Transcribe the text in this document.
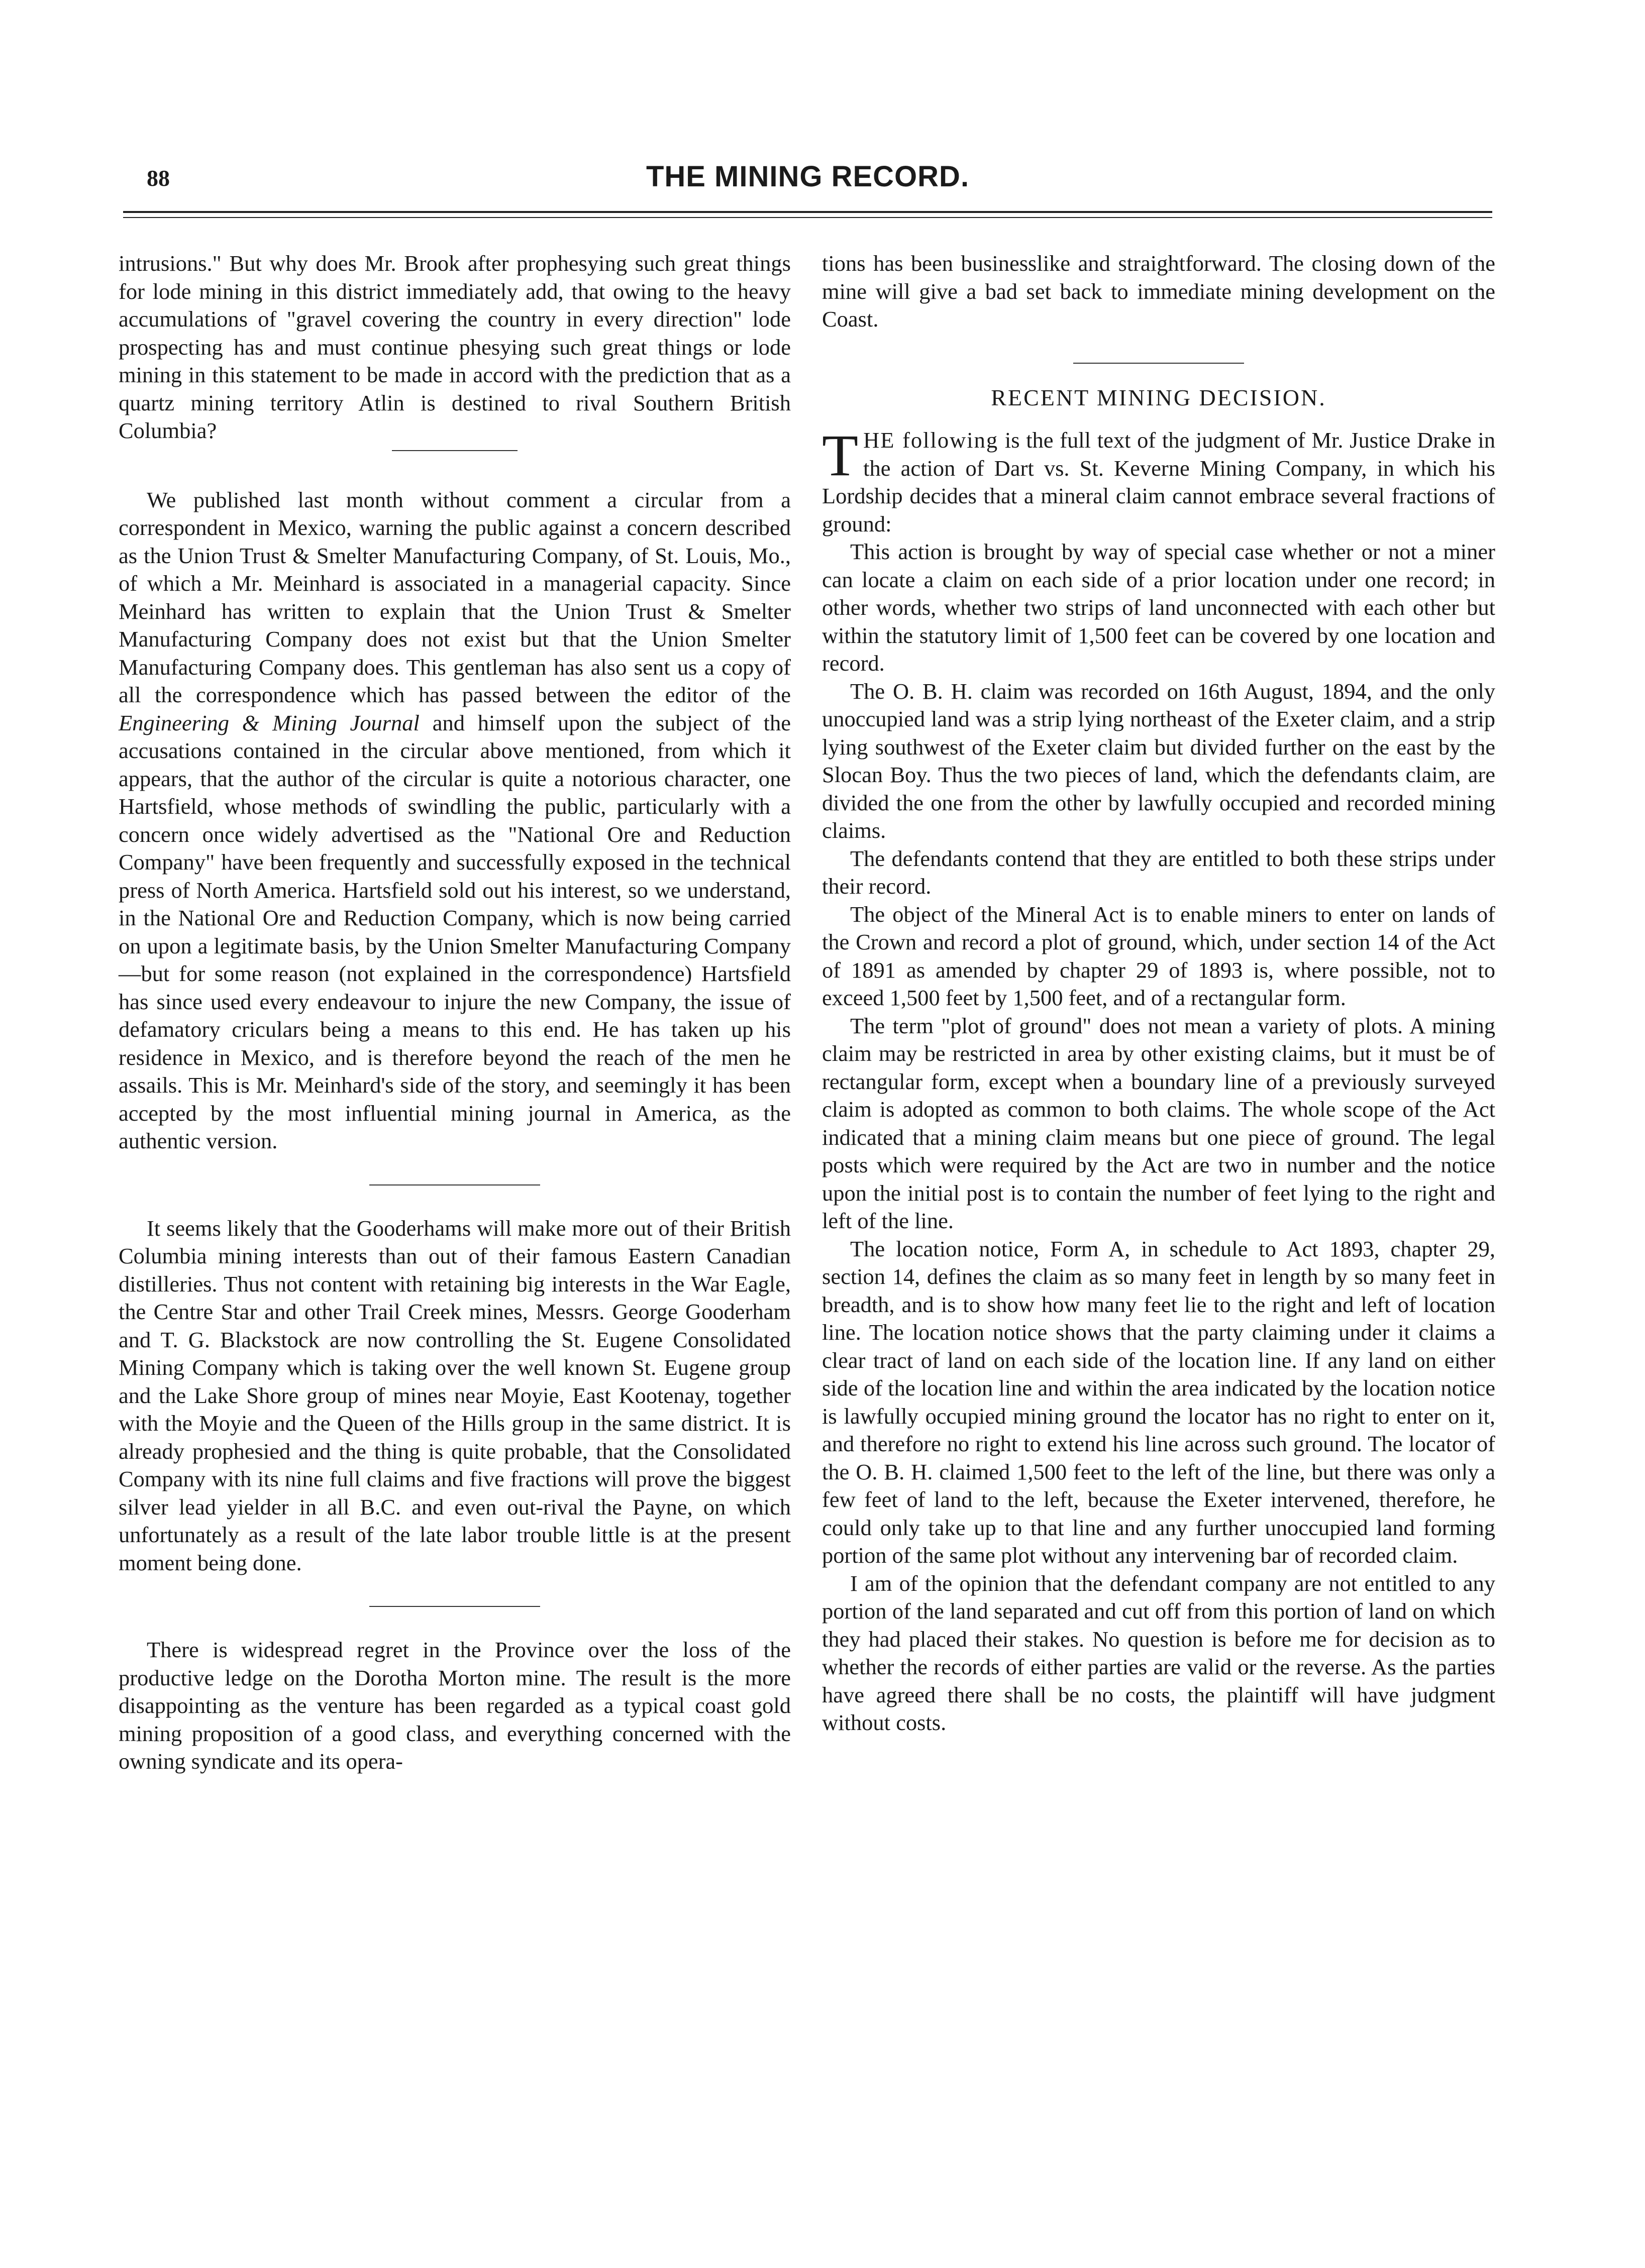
88	THE MINING RECORD.

intrusions." But why does Mr. Brook after prophesying such great things for lode mining in this district immediately add, that owing to the heavy accumulations of "gravel covering the country in every direction" lode prospecting has and must continue phesying such great things or lode mining in this statement to be made in accord with the prediction that as a quartz mining territory Atlin is destined to rival Southern British Columbia?

We published last month without comment a circular from a correspondent in Mexico, warning the public against a concern described as the Union Trust & Smelter Manufacturing Company, of St. Louis, Mo., of which a Mr. Meinhard is associated in a managerial capacity. Since Meinhard has written to explain that the Union Trust & Smelter Manufacturing Company does not exist but that the Union Smelter Manufacturing Company does. This gentleman has also sent us a copy of all the correspondence which has passed between the editor of the Engineering & Mining Journal and himself upon the subject of the accusations contained in the circular above mentioned, from which it appears, that the author of the circular is quite a notorious character, one Hartsfield, whose methods of swindling the public, particularly with a concern once widely advertised as the "National Ore and Reduction Company" have been frequently and successfully exposed in the technical press of North America. Hartsfield sold out his interest, so we understand, in the National Ore and Reduction Company, which is now being carried on upon a legitimate basis, by the Union Smelter Manufacturing Company—but for some reason (not explained in the correspondence) Hartsfield has since used every endeavour to injure the new Company, the issue of defamatory criculars being a means to this end. He has taken up his residence in Mexico, and is therefore beyond the reach of the men he assails. This is Mr. Meinhard's side of the story, and seemingly it has been accepted by the most influential mining journal in America, as the authentic version.

It seems likely that the Gooderhams will make more out of their British Columbia mining interests than out of their famous Eastern Canadian distilleries. Thus not content with retaining big interests in the War Eagle, the Centre Star and other Trail Creek mines, Messrs. George Gooderham and T. G. Blackstock are now controlling the St. Eugene Consolidated Mining Company which is taking over the well known St. Eugene group and the Lake Shore group of mines near Moyie, East Kootenay, together with the Moyie and the Queen of the Hills group in the same district. It is already prophesied and the thing is quite probable, that the Consolidated Company with its nine full claims and five fractions will prove the biggest silver lead yielder in all B.C. and even out-rival the Payne, on which unfortunately as a result of the late labor trouble little is at the present moment being done.

There is widespread regret in the Province over the loss of the productive ledge on the Dorotha Morton mine. The result is the more disappointing as the venture has been regarded as a typical coast gold mining proposition of a good class, and everything concerned with the owning syndicate and its opera-

tions has been businesslike and straightforward. The closing down of the mine will give a bad set back to immediate mining development on the Coast.

RECENT MINING DECISION.

THE following is the full text of the judgment of Mr. Justice Drake in the action of Dart vs. St. Keverne Mining Company, in which his Lordship decides that a mineral claim cannot embrace several fractions of ground:

This action is brought by way of special case whether or not a miner can locate a claim on each side of a prior location under one record; in other words, whether two strips of land unconnected with each other but within the statutory limit of 1,500 feet can be covered by one location and record.

The O. B. H. claim was recorded on 16th August, 1894, and the only unoccupied land was a strip lying northeast of the Exeter claim, and a strip lying southwest of the Exeter claim but divided further on the east by the Slocan Boy. Thus the two pieces of land, which the defendants claim, are divided the one from the other by lawfully occupied and recorded mining claims.

The defendants contend that they are entitled to both these strips under their record.

The object of the Mineral Act is to enable miners to enter on lands of the Crown and record a plot of ground, which, under section 14 of the Act of 1891 as amended by chapter 29 of 1893 is, where possible, not to exceed 1,500 feet by 1,500 feet, and of a rectangular form.

The term "plot of ground" does not mean a variety of plots. A mining claim may be restricted in area by other existing claims, but it must be of rectangular form, except when a boundary line of a previously surveyed claim is adopted as common to both claims. The whole scope of the Act indicated that a mining claim means but one piece of ground. The legal posts which were required by the Act are two in number and the notice upon the initial post is to contain the number of feet lying to the right and left of the line.

The location notice, Form A, in schedule to Act 1893, chapter 29, section 14, defines the claim as so many feet in length by so many feet in breadth, and is to show how many feet lie to the right and left of location line. The location notice shows that the party claiming under it claims a clear tract of land on each side of the location line. If any land on either side of the location line and within the area indicated by the location notice is lawfully occupied mining ground the locator has no right to enter on it, and therefore no right to extend his line across such ground. The locator of the O. B. H. claimed 1,500 feet to the left of the line, but there was only a few feet of land to the left, because the Exeter intervened, therefore, he could only take up to that line and any further unoccupied land forming portion of the same plot without any intervening bar of recorded claim.

I am of the opinion that the defendant company are not entitled to any portion of the land separated and cut off from this portion of land on which they had placed their stakes. No question is before me for decision as to whether the records of either parties are valid or the reverse. As the parties have agreed there shall be no costs, the plaintiff will have judgment without costs.
